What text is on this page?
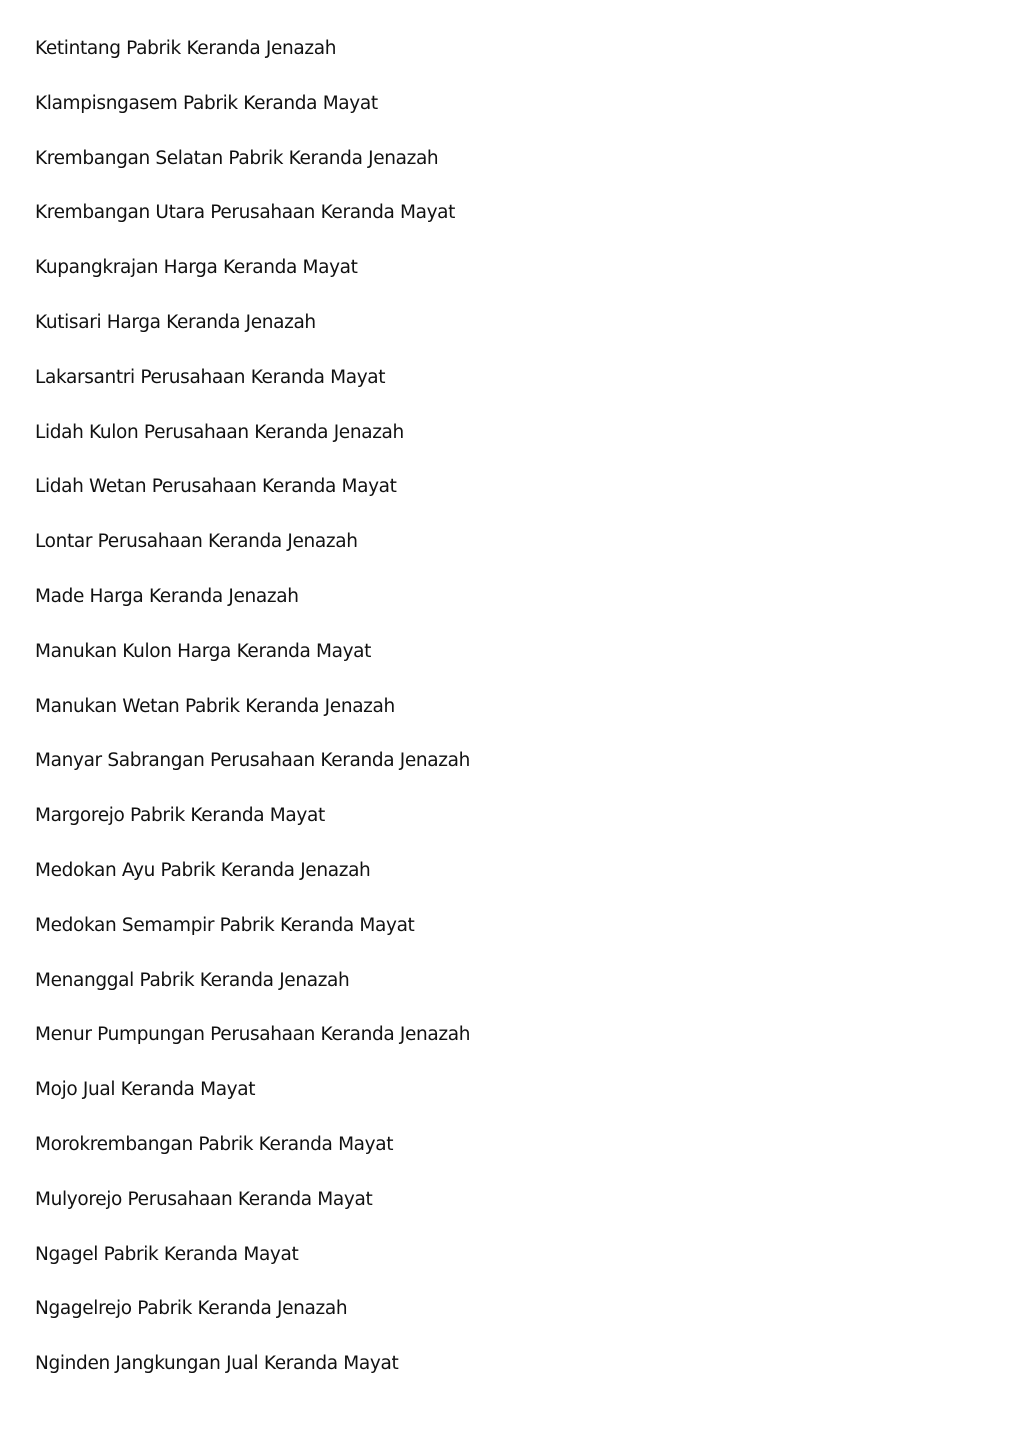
Ketintang Pabrik Keranda Jenazah
Klampisngasem Pabrik Keranda Mayat
Krembangan Selatan Pabrik Keranda Jenazah
Krembangan Utara Perusahaan Keranda Mayat
Kupangkrajan Harga Keranda Mayat
Kutisari Harga Keranda Jenazah
Lakarsantri Perusahaan Keranda Mayat
Lidah Kulon Perusahaan Keranda Jenazah
Lidah Wetan Perusahaan Keranda Mayat
Lontar Perusahaan Keranda Jenazah
Made Harga Keranda Jenazah
Manukan Kulon Harga Keranda Mayat
Manukan Wetan Pabrik Keranda Jenazah
Manyar Sabrangan Perusahaan Keranda Jenazah
Margorejo Pabrik Keranda Mayat
Medokan Ayu Pabrik Keranda Jenazah
Medokan Semampir Pabrik Keranda Mayat
Menanggal Pabrik Keranda Jenazah
Menur Pumpungan Perusahaan Keranda Jenazah
Mojo Jual Keranda Mayat
Morokrembangan Pabrik Keranda Mayat
Mulyorejo Perusahaan Keranda Mayat
Ngagel Pabrik Keranda Mayat
Ngagelrejo Pabrik Keranda Jenazah
Nginden Jangkungan Jual Keranda Mayat
